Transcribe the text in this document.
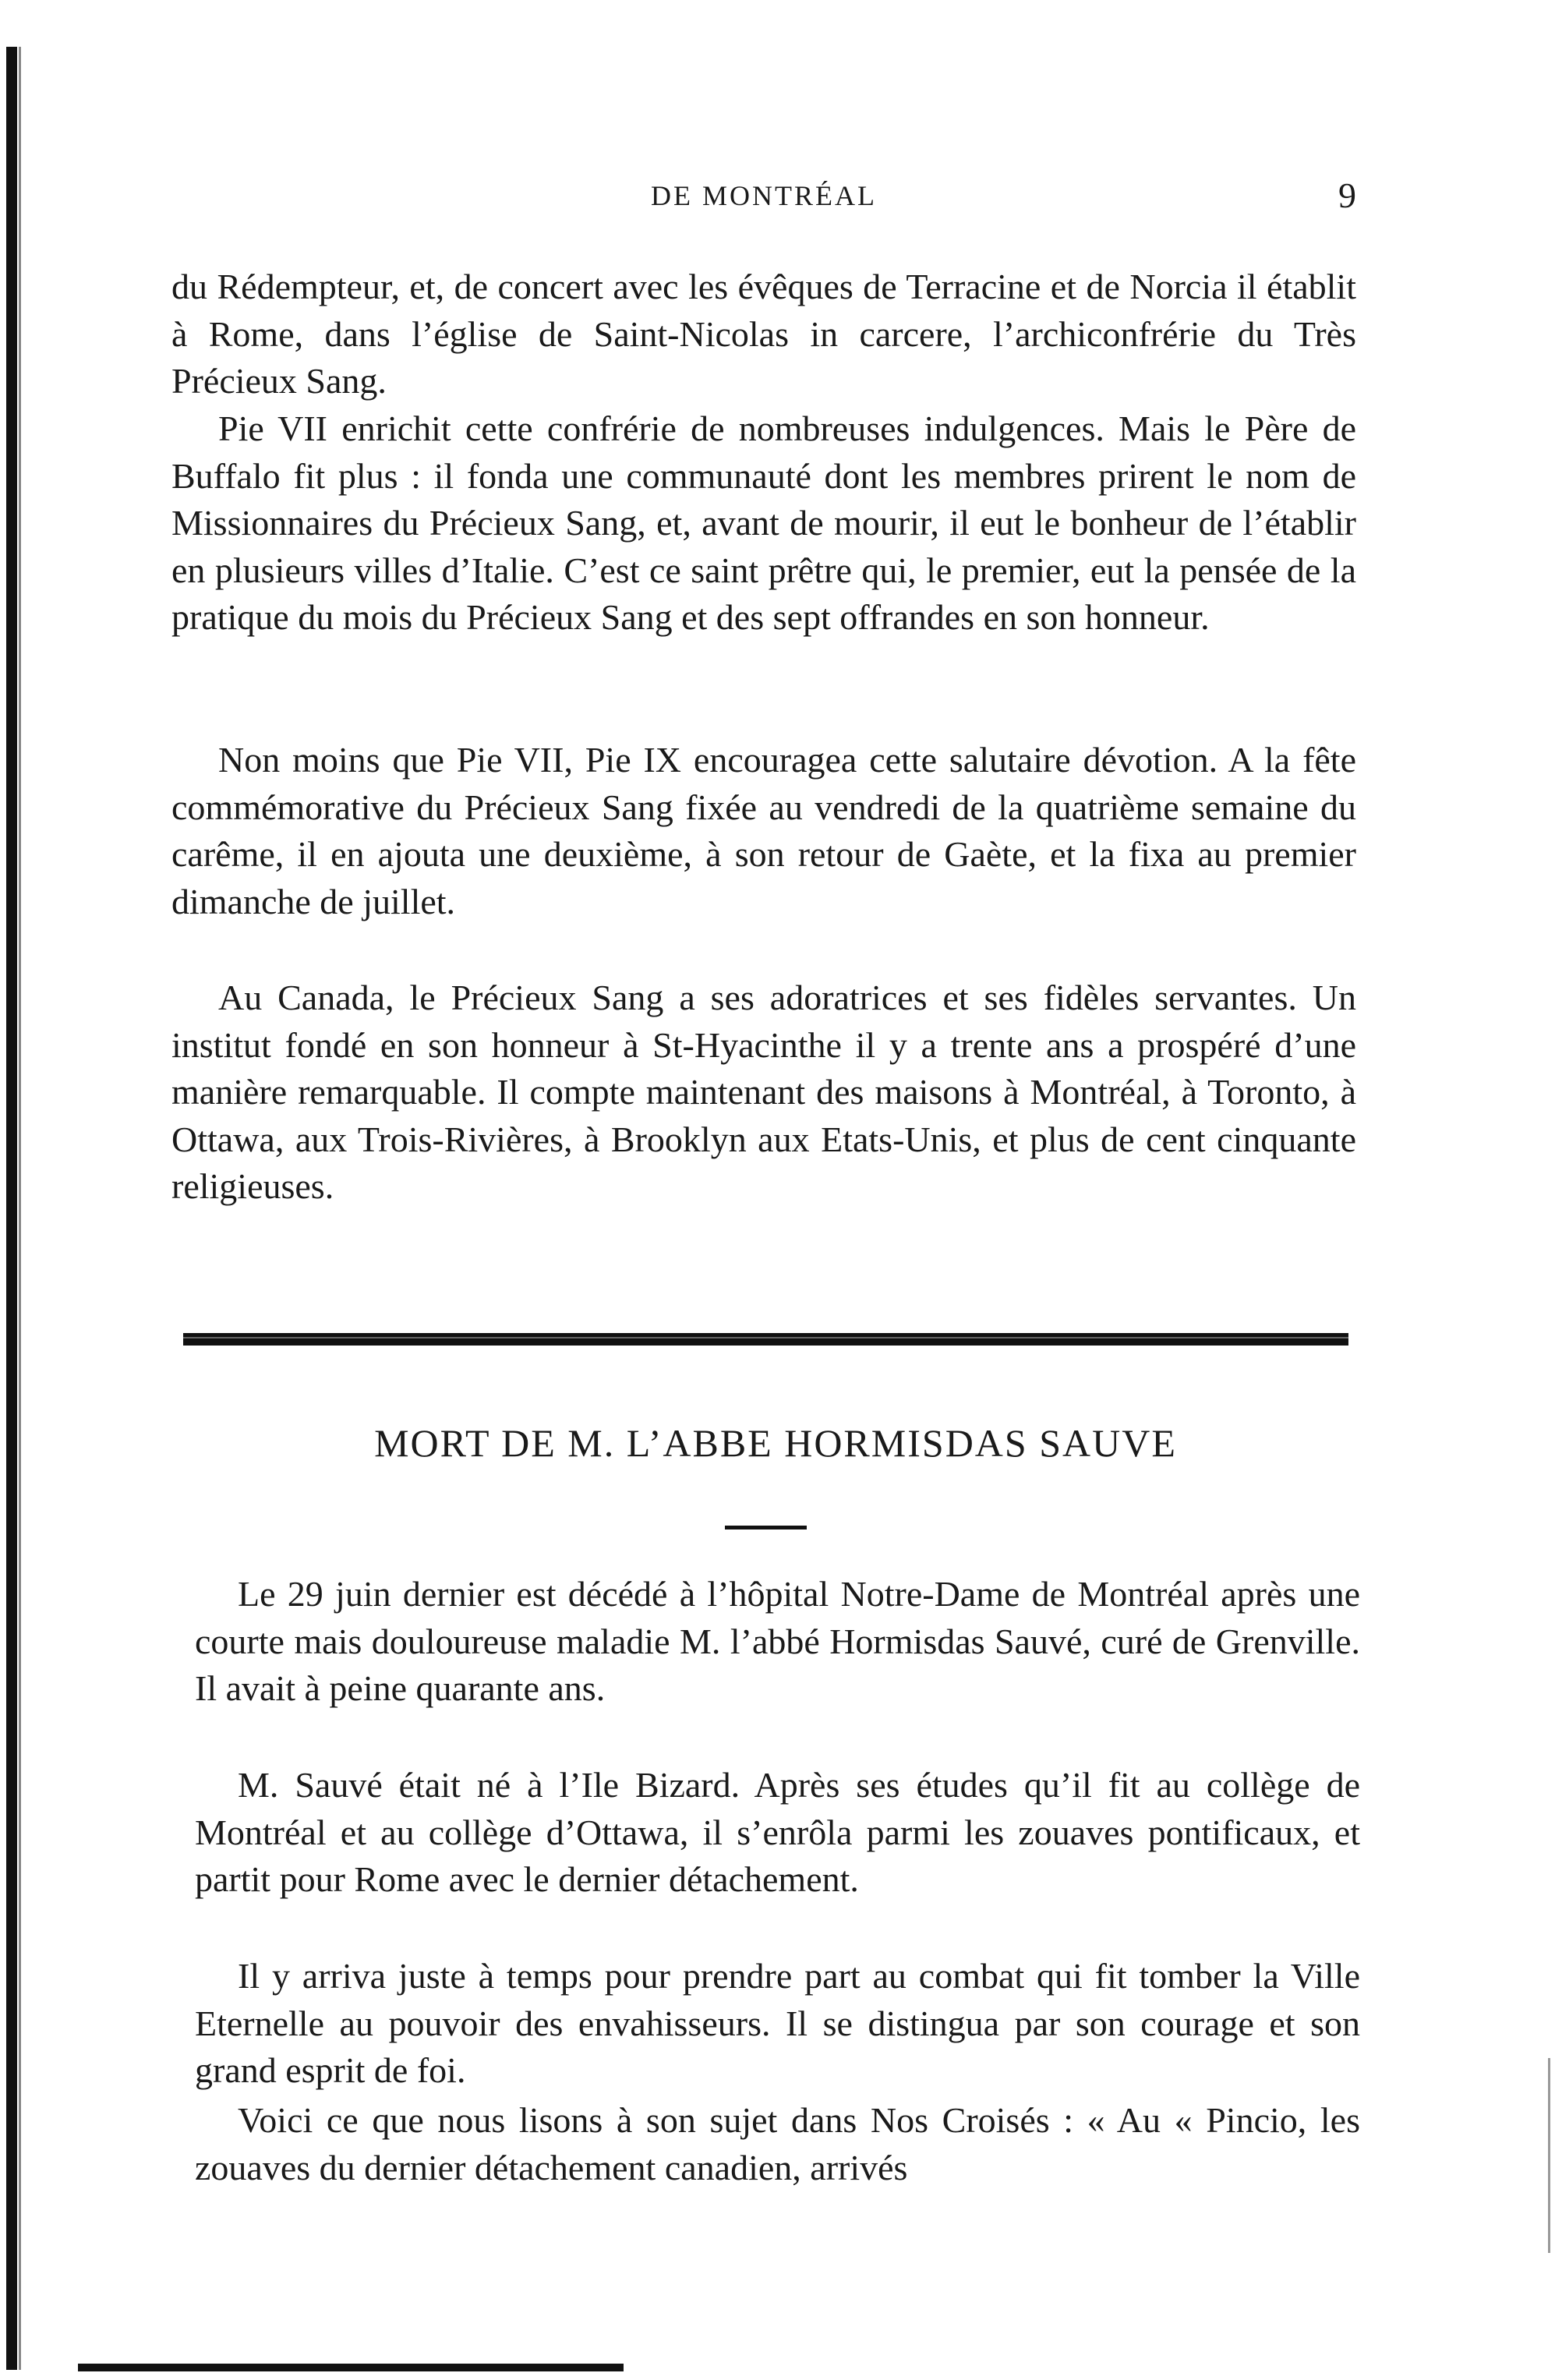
DE MONTRÉAL	9

du Rédempteur, et, de concert avec les évêques de Terracine et de Norcia il établit à Rome, dans l’église de Saint-Nicolas in carcere, l’archiconfrérie du Très Précieux Sang.

Pie VII enrichit cette confrérie de nombreuses indulgences. Mais le Père de Buffalo fit plus : il fonda une communauté dont les membres prirent le nom de Missionnaires du Précieux Sang, et, avant de mourir, il eut le bonheur de l’établir en plusieurs villes d’Italie. C’est ce saint prêtre qui, le premier, eut la pensée de la pratique du mois du Précieux Sang et des sept offrandes en son honneur.

Non moins que Pie VII, Pie IX encouragea cette salutaire dévotion. A la fête commémorative du Précieux Sang fixée au vendredi de la quatrième semaine du carême, il en ajouta une deuxième, à son retour de Gaète, et la fixa au premier dimanche de juillet.

Au Canada, le Précieux Sang a ses adoratrices et ses fidèles servantes. Un institut fondé en son honneur à St-Hyacinthe il y a trente ans a prospéré d’une manière remarquable. Il compte maintenant des maisons à Montréal, à Toronto, à Ottawa, aux Trois-Rivières, à Brooklyn aux Etats-Unis, et plus de cent cinquante religieuses.

MORT DE M. L’ABBE HORMISDAS SAUVE

Le 29 juin dernier est décédé à l’hôpital Notre-Dame de Montréal après une courte mais douloureuse maladie M. l’abbé Hormisdas Sauvé, curé de Grenville. Il avait à peine quarante ans.

M. Sauvé était né à l’Ile Bizard. Après ses études qu’il fit au collège de Montréal et au collège d’Ottawa, il s’enrôla parmi les zouaves pontificaux, et partit pour Rome avec le dernier détachement.

Il y arriva juste à temps pour prendre part au combat qui fit tomber la Ville Eternelle au pouvoir des envahisseurs. Il se distingua par son courage et son grand esprit de foi.

Voici ce que nous lisons à son sujet dans Nos Croisés : « Au « Pincio, les zouaves du dernier détachement canadien, arrivés
